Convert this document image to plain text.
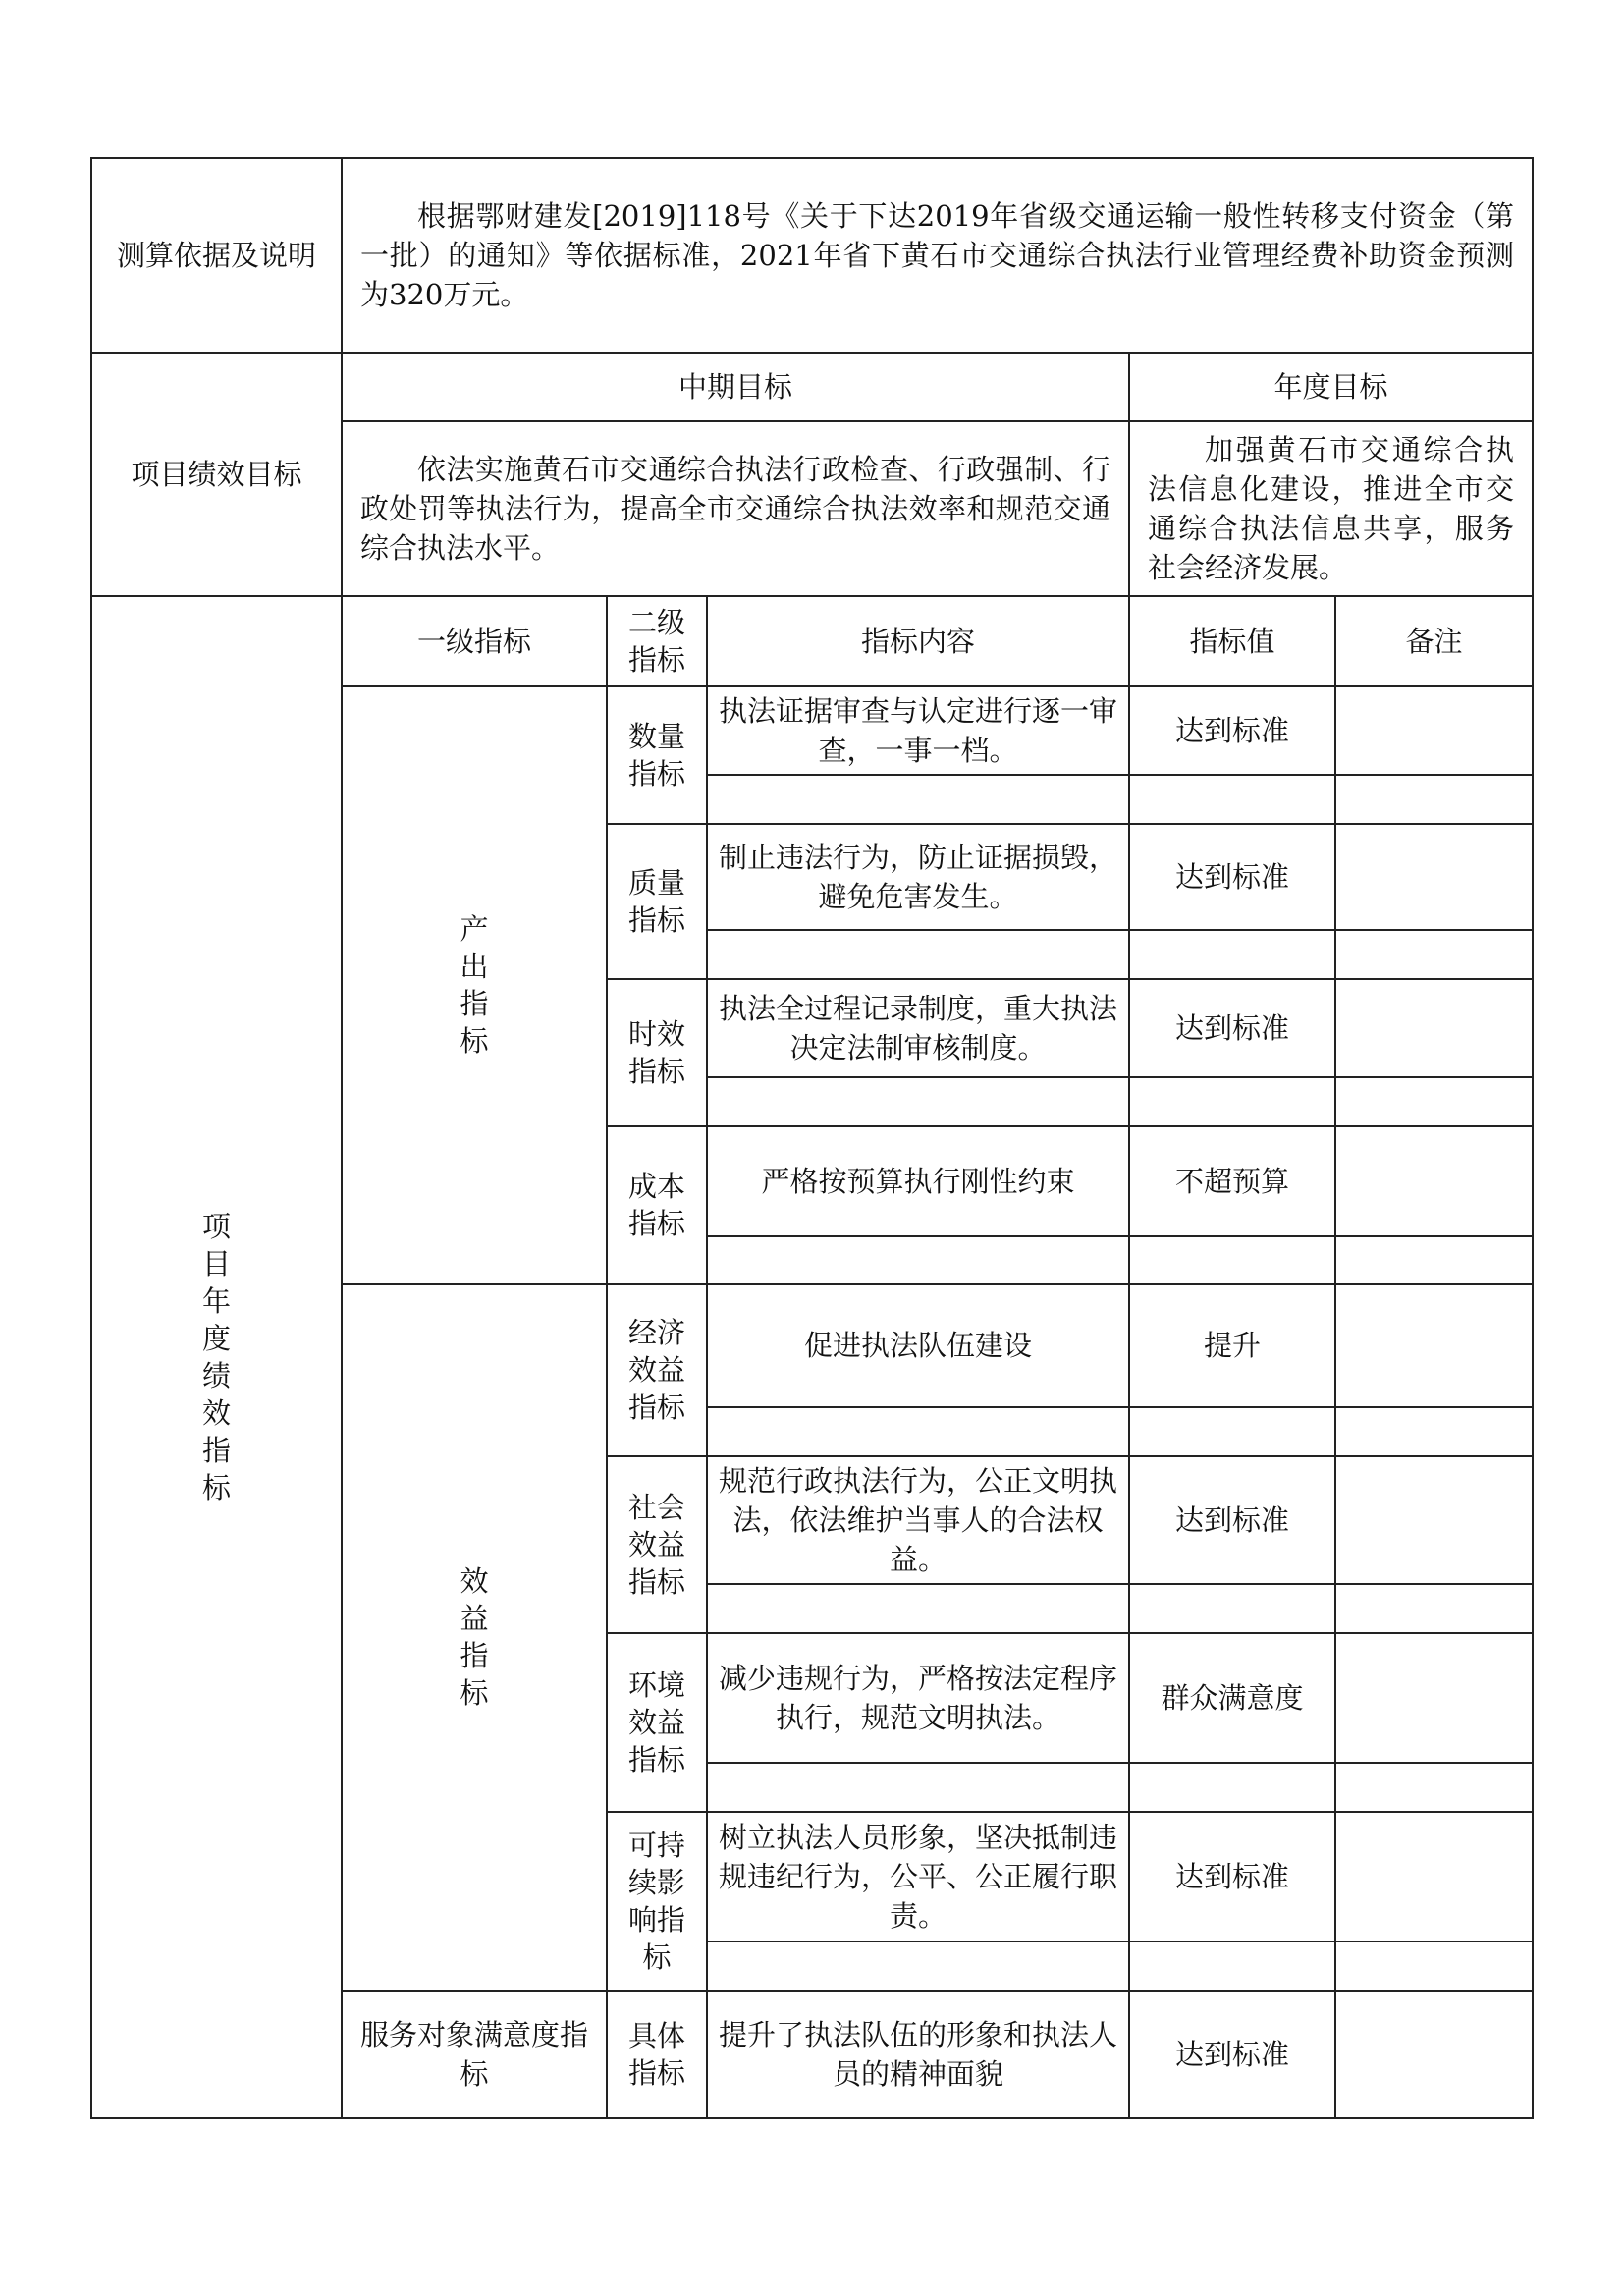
测算依据及说明	根据鄂财建发[2019]118号《关于下达2019年省级交通运输一般性转移支付资金（第一批）的通知》等依据标准，2021年省下黄石市交通综合执法行业管理经费补助资金预测为320万元。				
项目绩效目标	中期目标			年度目标	
	依法实施黄石市交通综合执法行政检查、行政强制、行政处罚等执法行为，提高全市交通综合执法效率和规范交通综合执法水平。			加强黄石市交通综合执法信息化建设，推进全市交通综合执法信息共享，服务社会经济发展。	

项目年度绩效指标	一级指标	二级指标	指标内容	指标值	备注

	产出指标	数量指标	执法证据审查与认定进行逐一审查，一事一档。	达到标准	

		质量指标	制止违法行为，防止证据损毁，避免危害发生。	达到标准	

		时效指标	执法全过程记录制度，重大执法决定法制审核制度。	达到标准	

		成本指标	严格按预算执行刚性约束	不超预算	

	效益指标	经济效益指标	促进执法队伍建设	提升	

		社会效益指标	规范行政执法行为，公正文明执法，依法维护当事人的合法权益。	达到标准	

		环境效益指标	减少违规行为，严格按法定程序执行，规范文明执法。	群众满意度	

		可持续影响指标	树立执法人员形象，坚决抵制违规违纪行为，公平、公正履行职责。	达到标准	

	服务对象满意度指标	具体指标	提升了执法队伍的形象和执法人员的精神面貌	达到标准	
